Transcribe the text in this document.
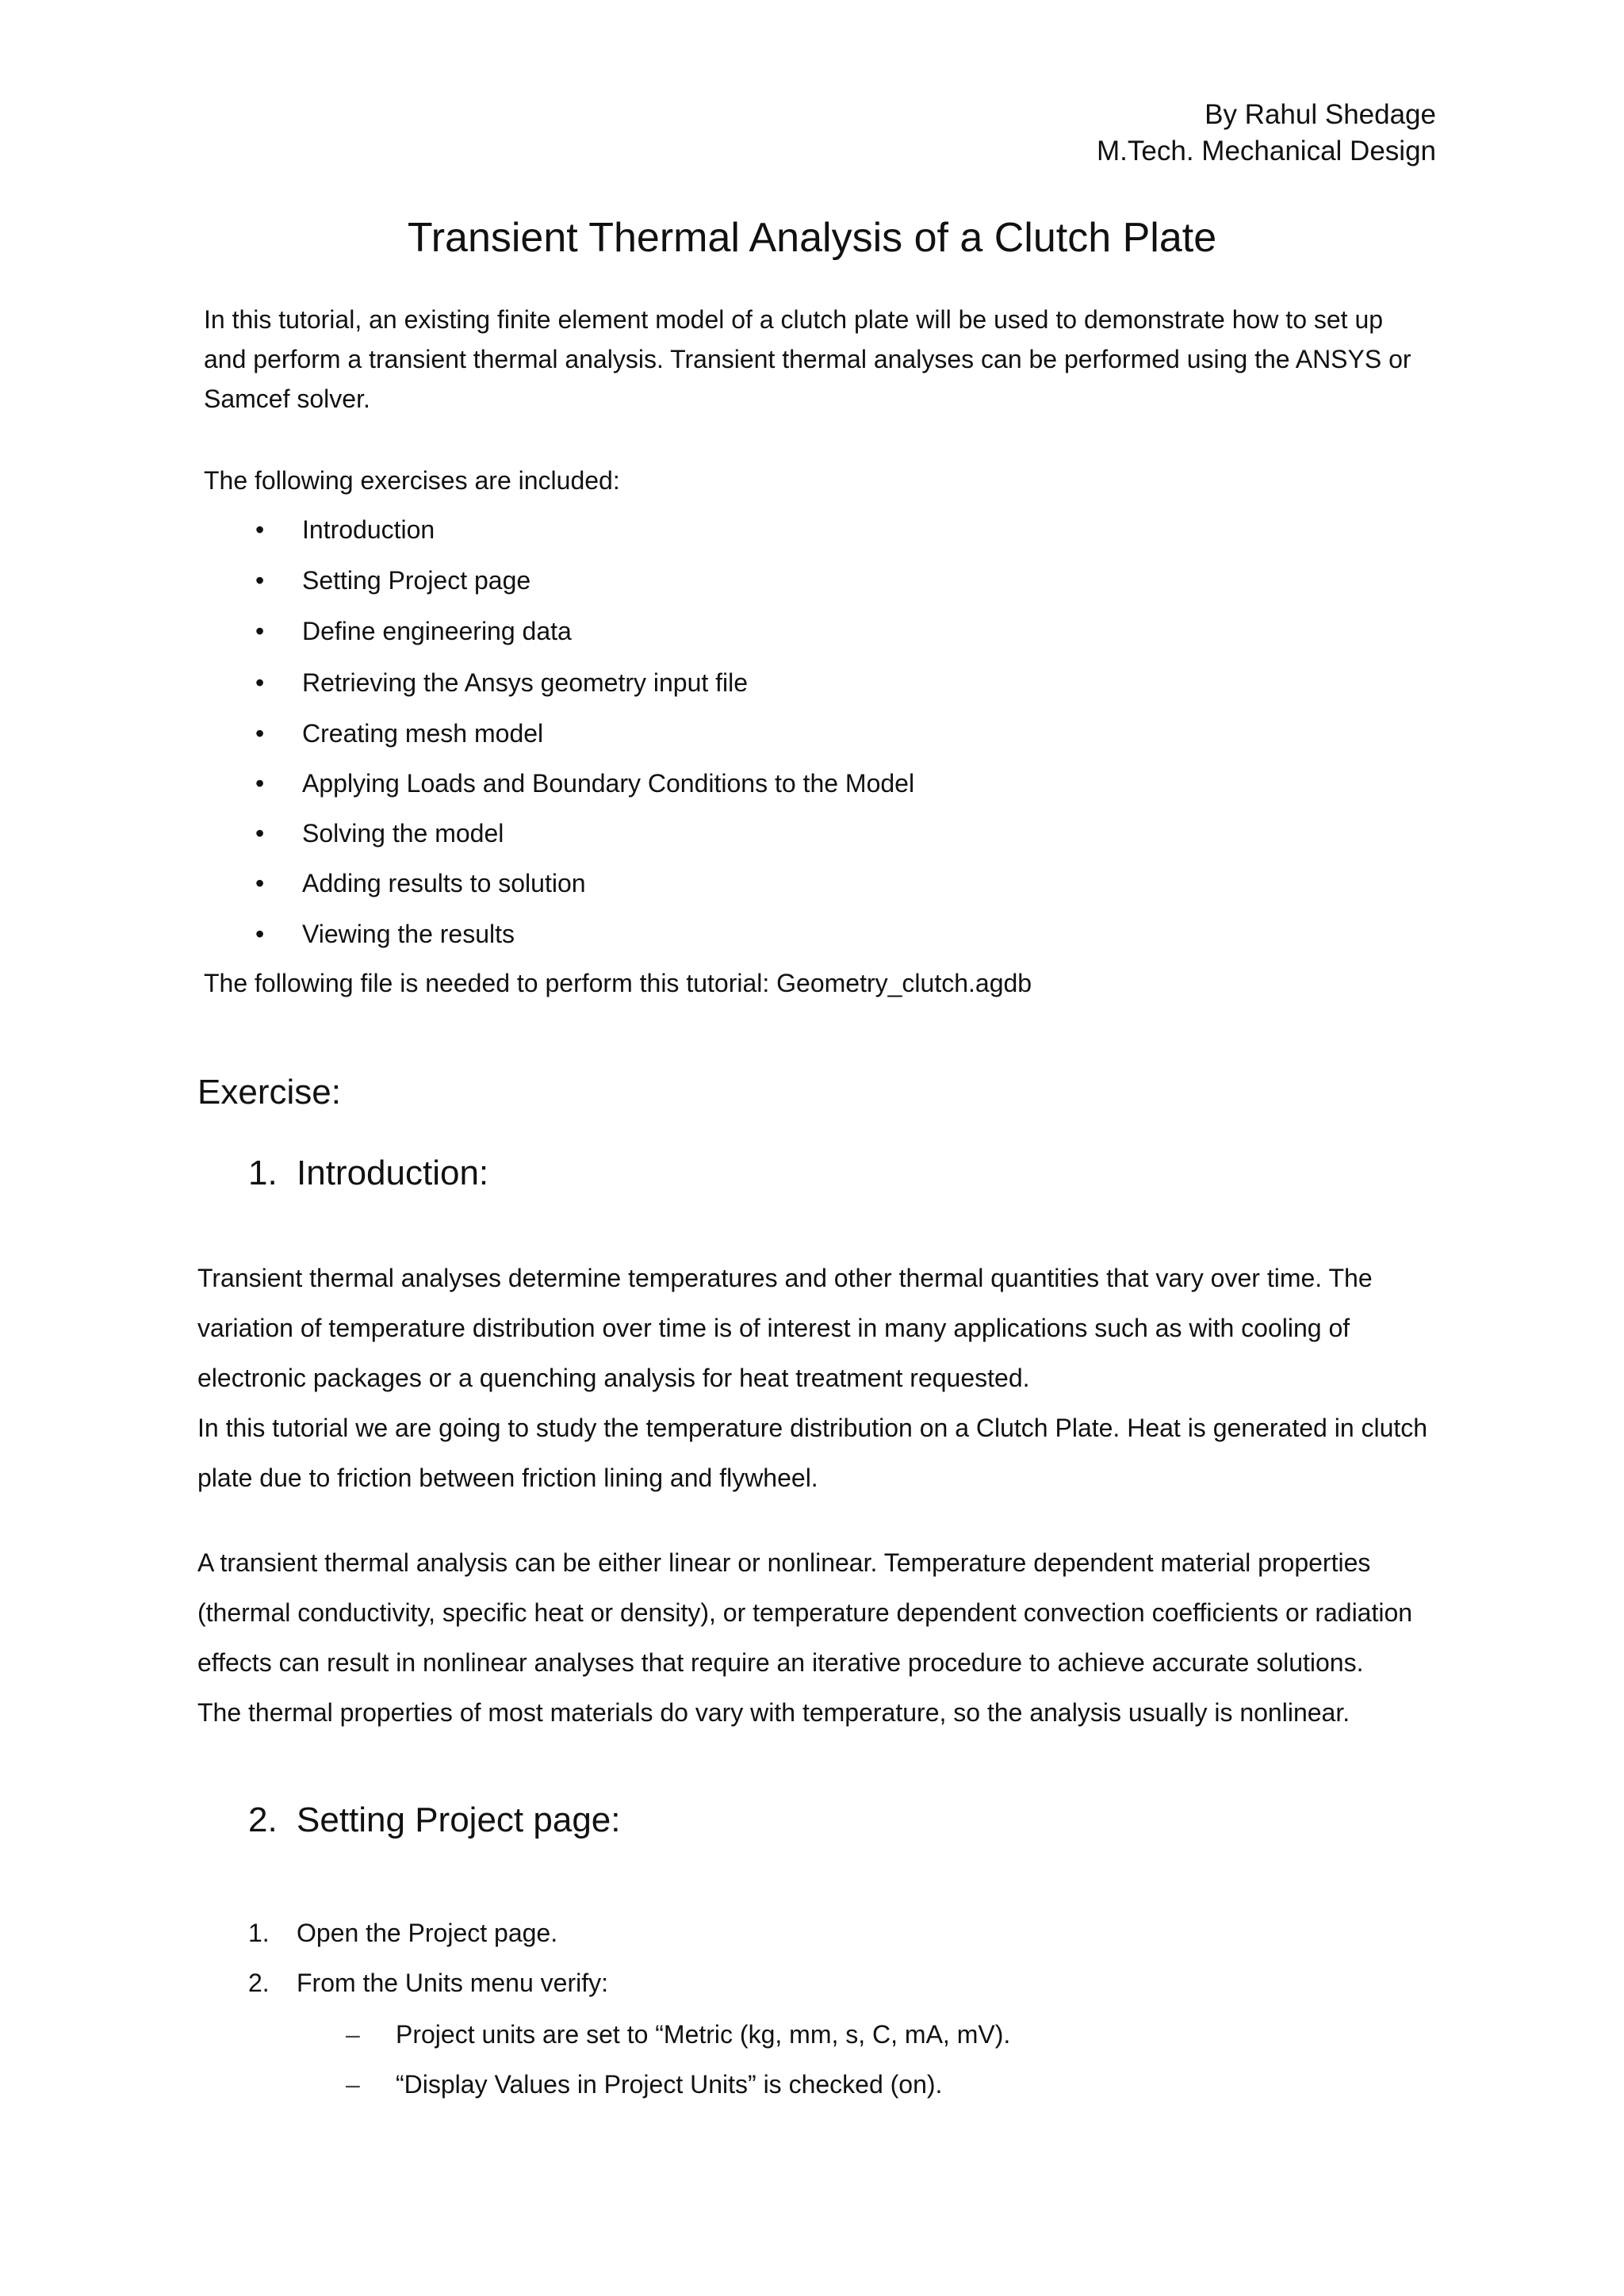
By Rahul Shedage
M.Tech. Mechanical Design
Transient Thermal Analysis of a Clutch Plate
In this tutorial, an existing finite element model of a clutch plate will be used to demonstrate how to set up
and perform a transient thermal analysis. Transient thermal analyses can be performed using the ANSYS or
Samcef solver.
The following exercises are included:
• Introduction
• Setting Project page
• Define engineering data
• Retrieving the Ansys geometry input file
• Creating mesh model
• Applying Loads and Boundary Conditions to the Model
• Solving the model
• Adding results to solution
• Viewing the results
The following file is needed to perform this tutorial: Geometry_clutch.agdb
Exercise:
1. Introduction:
Transient thermal analyses determine temperatures and other thermal quantities that vary over time. The
variation of temperature distribution over time is of interest in many applications such as with cooling of
electronic packages or a quenching analysis for heat treatment requested.
In this tutorial we are going to study the temperature distribution on a Clutch Plate. Heat is generated in clutch
plate due to friction between friction lining and flywheel.
A transient thermal analysis can be either linear or nonlinear. Temperature dependent material properties
(thermal conductivity, specific heat or density), or temperature dependent convection coefficients or radiation
effects can result in nonlinear analyses that require an iterative procedure to achieve accurate solutions.
The thermal properties of most materials do vary with temperature, so the analysis usually is nonlinear.
2. Setting Project page:
1. Open the Project page.
2. From the Units menu verify:
– Project units are set to “Metric (kg, mm, s, C, mA, mV).
– “Display Values in Project Units” is checked (on).
